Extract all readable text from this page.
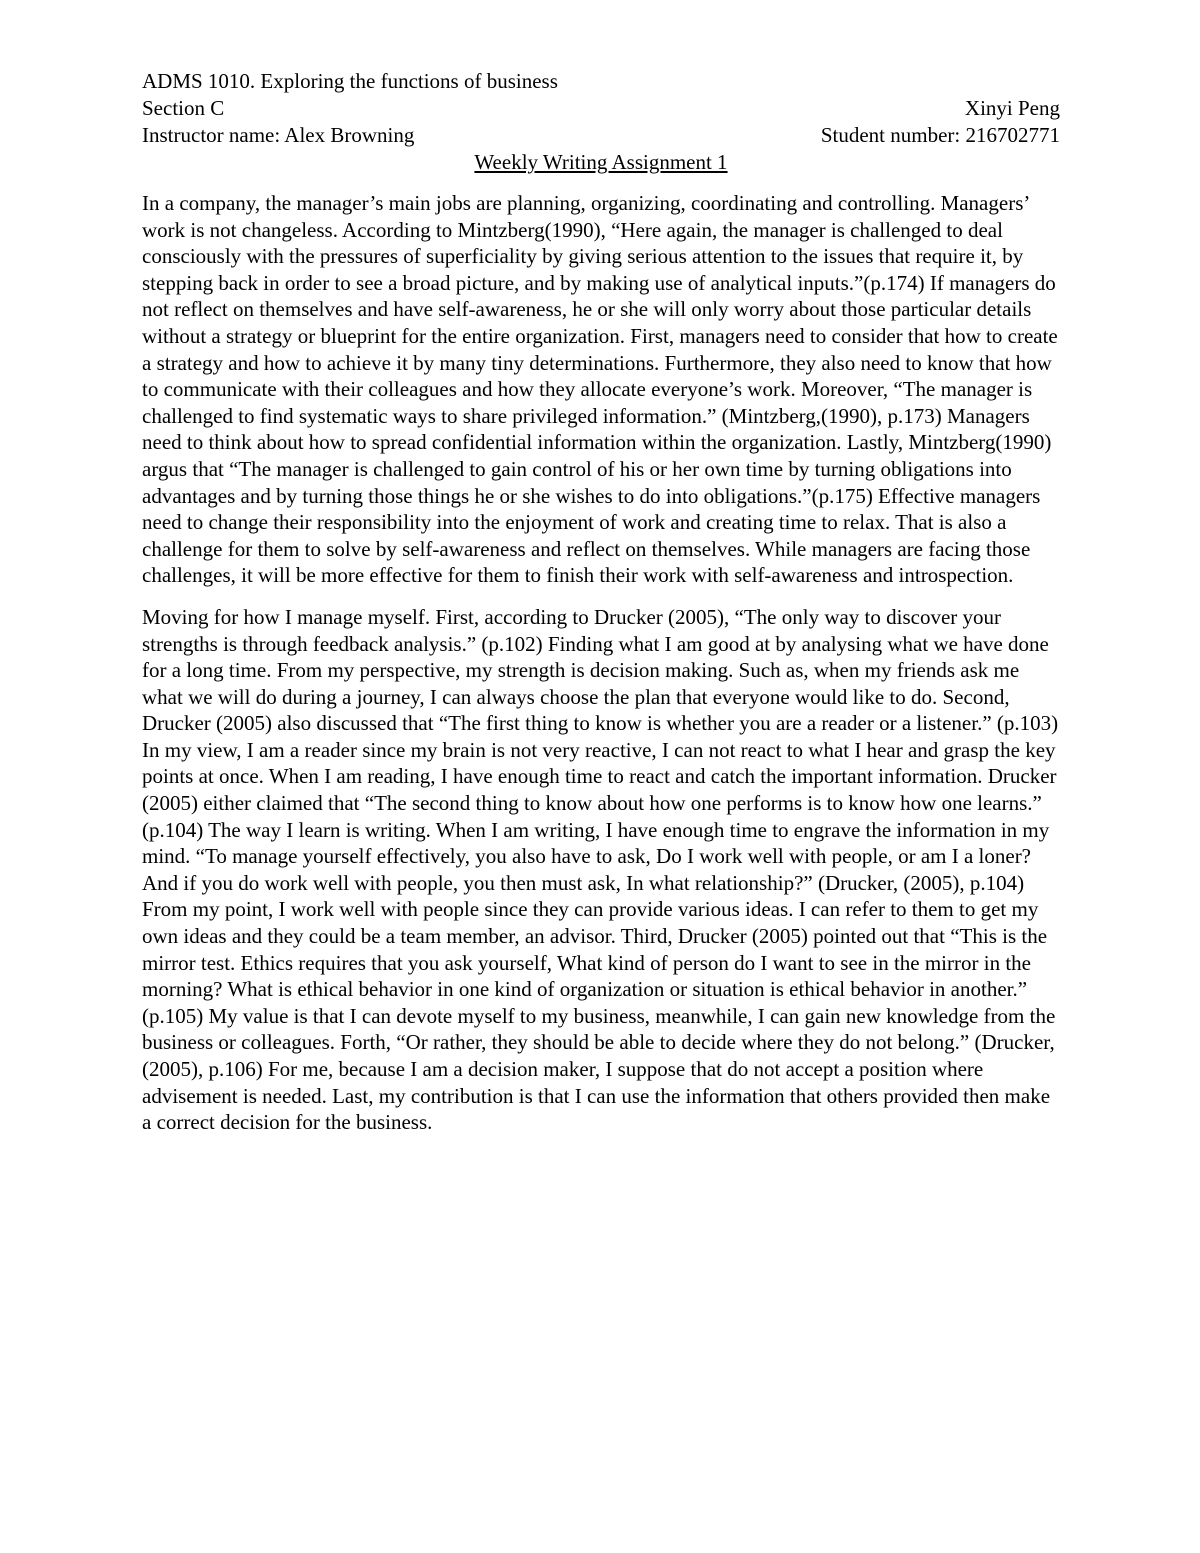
ADMS 1010. Exploring the functions of business
Section C	Xinyi Peng
Instructor name: Alex Browning	Student number: 216702771
Weekly Writing Assignment 1

In a company, the manager’s main jobs are planning, organizing, coordinating and controlling. Managers’ work is not changeless. According to Mintzberg(1990), “Here again, the manager is challenged to deal consciously with the pressures of superficiality by giving serious attention to the issues that require it, by stepping back in order to see a broad picture, and by making use of analytical inputs.”(p.174) If managers do not reflect on themselves and have self-awareness, he or she will only worry about those particular details without a strategy or blueprint for the entire organization. First, managers need to consider that how to create a strategy and how to achieve it by many tiny determinations. Furthermore, they also need to know that how to communicate with their colleagues and how they allocate everyone’s work. Moreover, “The manager is challenged to find systematic ways to share privileged information.” (Mintzberg,(1990), p.173) Managers need to think about how to spread confidential information within the organization. Lastly, Mintzberg(1990) argus that “The manager is challenged to gain control of his or her own time by turning obligations into advantages and by turning those things he or she wishes to do into obligations.”(p.175) Effective managers need to change their responsibility into the enjoyment of work and creating time to relax. That is also a challenge for them to solve by self-awareness and reflect on themselves. While managers are facing those challenges, it will be more effective for them to finish their work with self-awareness and introspection.

Moving for how I manage myself. First, according to Drucker (2005), “The only way to discover your strengths is through feedback analysis.” (p.102) Finding what I am good at by analysing what we have done for a long time. From my perspective, my strength is decision making. Such as, when my friends ask me what we will do during a journey, I can always choose the plan that everyone would like to do. Second, Drucker (2005) also discussed that “The first thing to know is whether you are a reader or a listener.” (p.103) In my view, I am a reader since my brain is not very reactive, I can not react to what I hear and grasp the key points at once. When I am reading, I have enough time to react and catch the important information. Drucker (2005) either claimed that “The second thing to know about how one performs is to know how one learns.” (p.104) The way I learn is writing. When I am writing, I have enough time to engrave the information in my mind. “To manage yourself effectively, you also have to ask, Do I work well with people, or am I a loner? And if you do work well with people, you then must ask, In what relationship?” (Drucker, (2005), p.104) From my point, I work well with people since they can provide various ideas. I can refer to them to get my own ideas and they could be a team member, an advisor. Third, Drucker (2005) pointed out that “This is the mirror test. Ethics requires that you ask yourself, What kind of person do I want to see in the mirror in the morning? What is ethical behavior in one kind of organization or situation is ethical behavior in another.” (p.105) My value is that I can devote myself to my business, meanwhile, I can gain new knowledge from the business or colleagues. Forth, “Or rather, they should be able to decide where they do not belong.” (Drucker, (2005), p.106) For me, because I am a decision maker, I suppose that do not accept a position where advisement is needed. Last, my contribution is that I can use the information that others provided then make a correct decision for the business.
